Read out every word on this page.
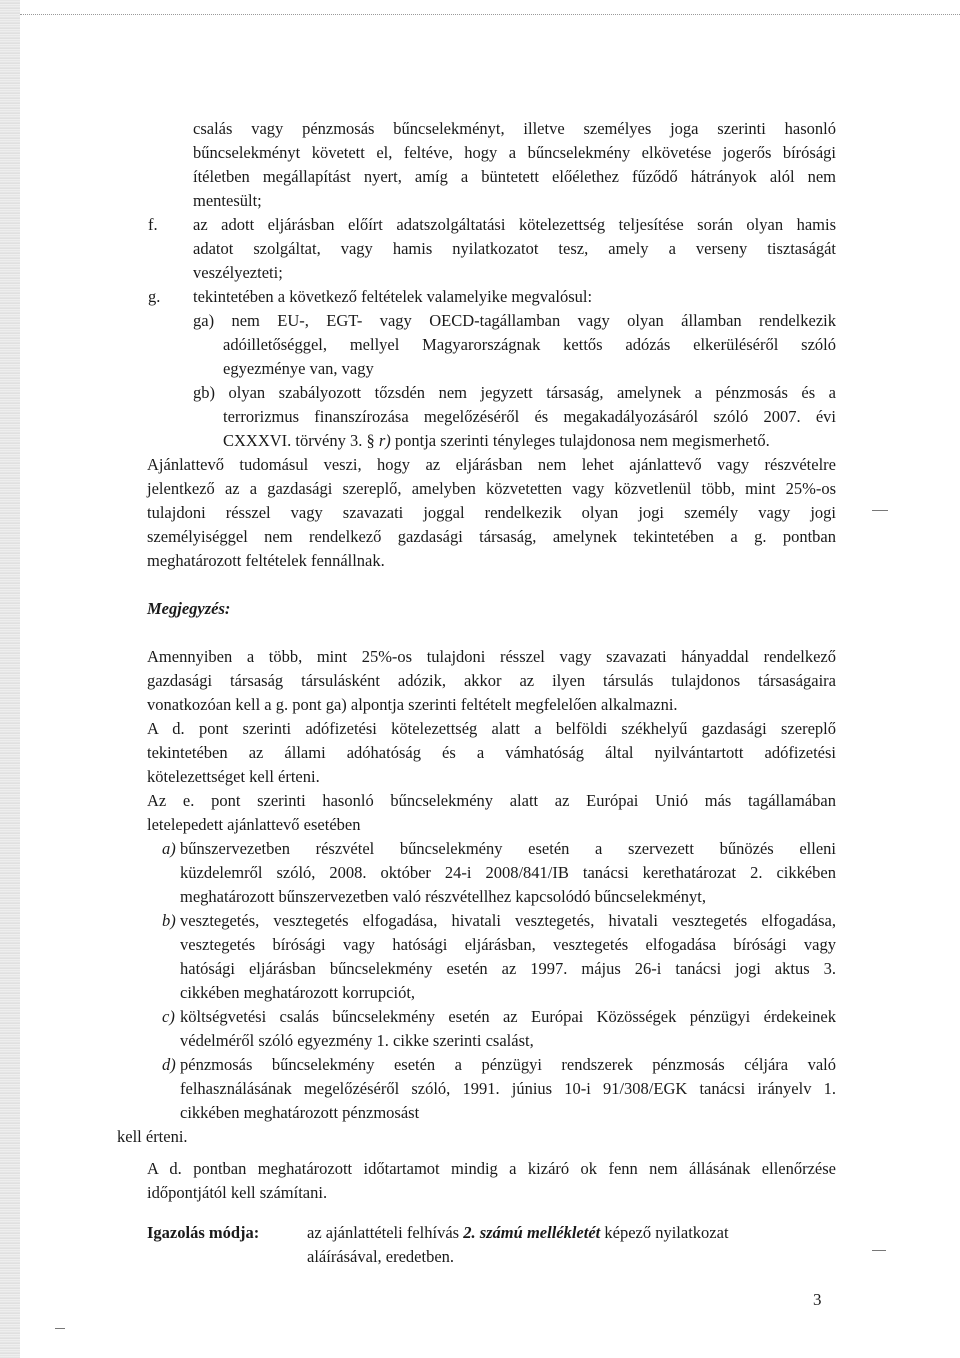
csalás vagy pénzmosás bűncselekményt, illetve személyes joga szerinti hasonló

bűncselekményt követett el, feltéve, hogy a bűncselekmény elkövetése jogerős bírósági

ítéletben megállapítást nyert, amíg a büntetett előélethez fűződő hátrányok alól nem

mentesült;

f. az adott eljárásban előírt adatszolgáltatási kötelezettség teljesítése során olyan hamis

adatot szolgáltat, vagy hamis nyilatkozatot tesz, amely a verseny tisztaságát

veszélyezteti;

g. tekintetében a következő feltételek valamelyike megvalósul:

ga) nem EU-, EGT- vagy OECD-tagállamban vagy olyan államban rendelkezik

adóilletőséggel, mellyel Magyarországnak kettős adózás elkerüléséről szóló

egyezménye van, vagy

gb) olyan szabályozott tőzsdén nem jegyzett társaság, amelynek a pénzmosás és a

terrorizmus finanszírozása megelőzéséről és megakadályozásáról szóló 2007. évi

CXXXVI. törvény 3. § r) pontja szerinti tényleges tulajdonosa nem megismerhető.

Ajánlattevő tudomásul veszi, hogy az eljárásban nem lehet ajánlattevő vagy részvételre

jelentkező az a gazdasági szereplő, amelyben közvetetten vagy közvetlenül több, mint 25%-os

tulajdoni résszel vagy szavazati joggal rendelkezik olyan jogi személy vagy jogi

személyiséggel nem rendelkező gazdasági társaság, amelynek tekintetében a g. pontban

meghatározott feltételek fennállnak.

Megjegyzés:

Amennyiben a több, mint 25%-os tulajdoni résszel vagy szavazati hányaddal rendelkező

gazdasági társaság társulásként adózik, akkor az ilyen társulás tulajdonos társaságaira

vonatkozóan kell a g. pont ga) alpontja szerinti feltételt megfelelően alkalmazni.

A d. pont szerinti adófizetési kötelezettség alatt a belföldi székhelyű gazdasági szereplő

tekintetében az állami adóhatóság és a vámhatóság által nyilvántartott adófizetési

kötelezettséget kell érteni.

Az e. pont szerinti hasonló bűncselekmény alatt az Európai Unió más tagállamában

letelepedett ajánlattevő esetében

a) bűnszervezetben részvétel bűncselekmény esetén a szervezett bűnözés elleni

küzdelemről szóló, 2008. október 24-i 2008/841/IB tanácsi kerethatározat 2. cikkében

meghatározott bűnszervezetben való részvétellhez kapcsolódó bűncselekményt,

b) vesztegetés, vesztegetés elfogadása, hivatali vesztegetés, hivatali vesztegetés elfogadása,

vesztegetés bírósági vagy hatósági eljárásban, vesztegetés elfogadása bírósági vagy

hatósági eljárásban bűncselekmény esetén az 1997. május 26-i tanácsi jogi aktus 3.

cikkében meghatározott korrupciót,

c) költségvetési csalás bűncselekmény esetén az Európai Közösségek pénzügyi érdekeinek

védelméről szóló egyezmény 1. cikke szerinti csalást,

d) pénzmosás bűncselekmény esetén a pénzügyi rendszerek pénzmosás céljára való

felhasználásának megelőzéséről szóló, 1991. június 10-i 91/308/EGK tanácsi irányelv 1.

cikkében meghatározott pénzmosást

kell érteni.

A d. pontban meghatározott időtartamot mindig a kizáró ok fenn nem állásának ellenőrzése

időpontjától kell számítani.

Igazolás módja:	az ajánlattételi felhívás 2. számú mellékletét képező nyilatkozat

aláírásával, eredetben.

3
